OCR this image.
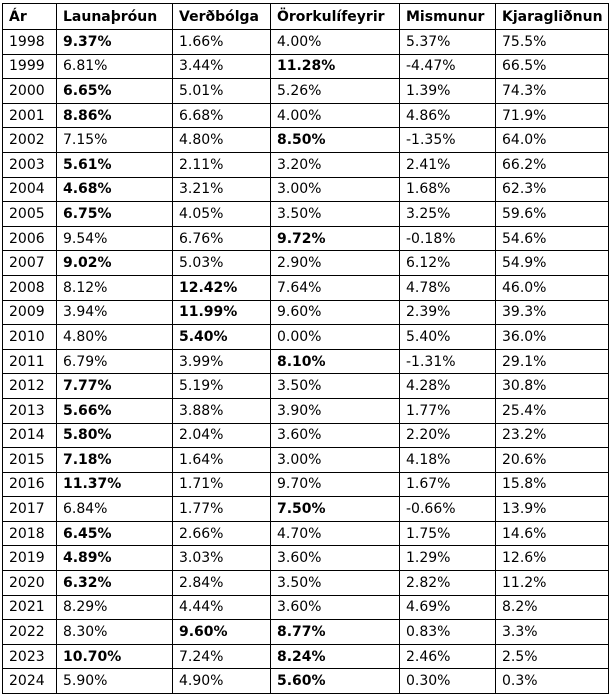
Ár	Launaþróun	Verðbólga	Örorkulífeyrir	Mismunur	Kjaragliðnun
1998	9.37%	1.66%	4.00%	5.37%	75.5%
1999	6.81%	3.44%	11.28%	-4.47%	66.5%
2000	6.65%	5.01%	5.26%	1.39%	74.3%
2001	8.86%	6.68%	4.00%	4.86%	71.9%
2002	7.15%	4.80%	8.50%	-1.35%	64.0%
2003	5.61%	2.11%	3.20%	2.41%	66.2%
2004	4.68%	3.21%	3.00%	1.68%	62.3%
2005	6.75%	4.05%	3.50%	3.25%	59.6%
2006	9.54%	6.76%	9.72%	-0.18%	54.6%
2007	9.02%	5.03%	2.90%	6.12%	54.9%
2008	8.12%	12.42%	7.64%	4.78%	46.0%
2009	3.94%	11.99%	9.60%	2.39%	39.3%
2010	4.80%	5.40%	0.00%	5.40%	36.0%
2011	6.79%	3.99%	8.10%	-1.31%	29.1%
2012	7.77%	5.19%	3.50%	4.28%	30.8%
2013	5.66%	3.88%	3.90%	1.77%	25.4%
2014	5.80%	2.04%	3.60%	2.20%	23.2%
2015	7.18%	1.64%	3.00%	4.18%	20.6%
2016	11.37%	1.71%	9.70%	1.67%	15.8%
2017	6.84%	1.77%	7.50%	-0.66%	13.9%
2018	6.45%	2.66%	4.70%	1.75%	14.6%
2019	4.89%	3.03%	3.60%	1.29%	12.6%
2020	6.32%	2.84%	3.50%	2.82%	11.2%
2021	8.29%	4.44%	3.60%	4.69%	8.2%
2022	8.30%	9.60%	8.77%	0.83%	3.3%
2023	10.70%	7.24%	8.24%	2.46%	2.5%
2024	5.90%	4.90%	5.60%	0.30%	0.3%
